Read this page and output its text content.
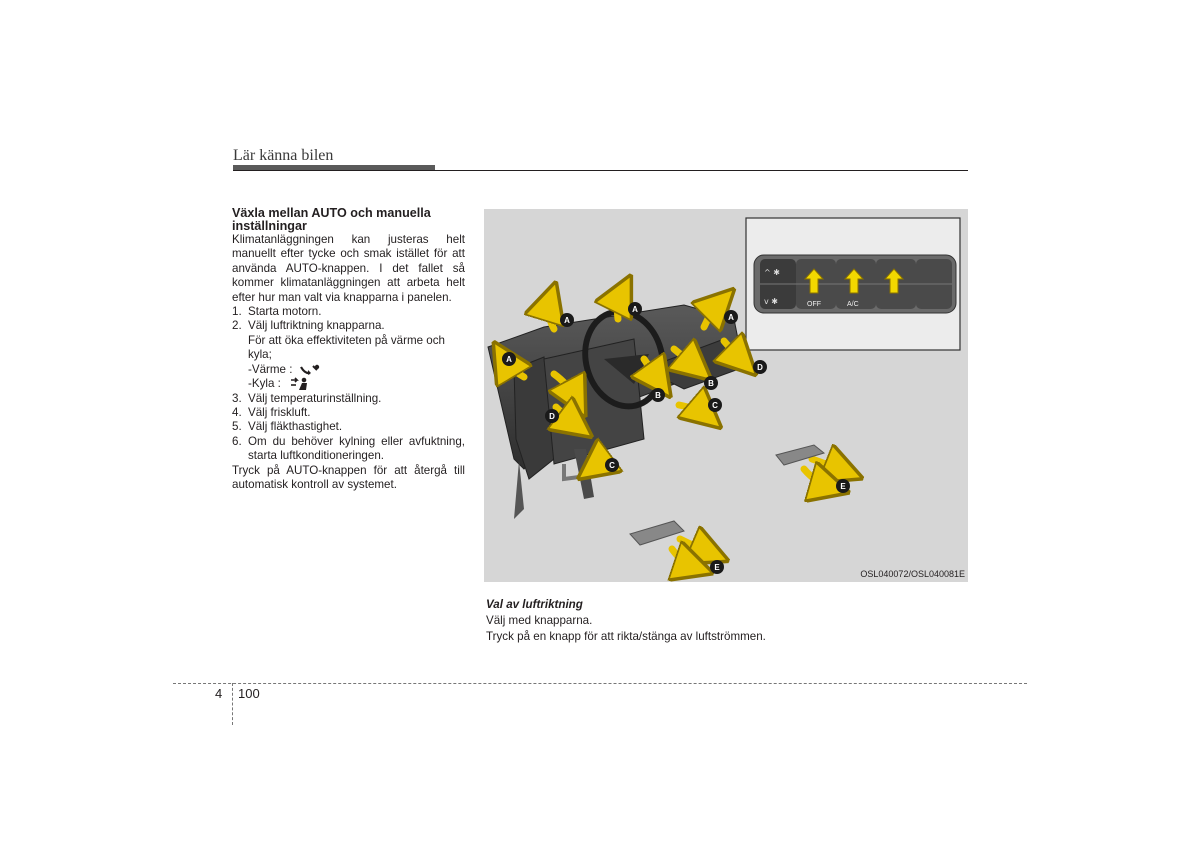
Lär känna bilen
Växla mellan AUTO och manuella inställningar

Klimatanläggningen kan justeras helt manuellt efter tycke och smak istället för att använda AUTO-knappen. I det fallet så kommer klimatanläggningen att arbeta helt efter hur man valt via knapparna i panelen.

1. Starta motorn.
2. Välj luftriktning knapparna.
För att öka effektiviteten på värme och kyla;
-Värme :
-Kyla :
3. Välj temperaturinställning.
4. Välj friskluft.
5. Välj fläkthastighet.
6. Om du behöver kylning eller avfuktning, starta luftkonditioneringen.

Tryck på AUTO-knappen för att återgå till automatisk kontroll av systemet.

^ ✱
v ✱	OFF	A/C
A
A
A
A
B
B
C
C
D
D
E
E
OSL040072/OSL040081E
Val av luftriktning
Välj med knapparna.
Tryck på en knapp för att rikta/stänga av luftströmmen.
4 100
